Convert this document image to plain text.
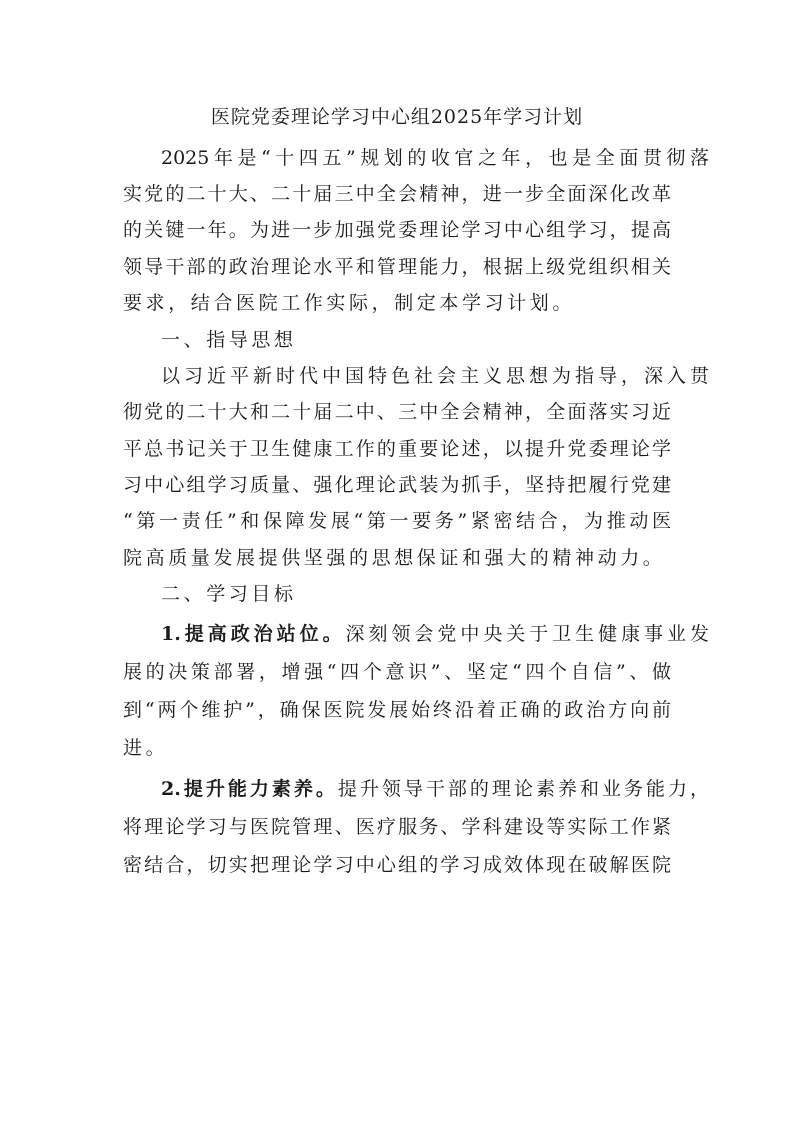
医院党委理论学习中心组2025年学习计划
2025年是“十四五”规划的收官之年，也是全面贯彻落
实党的二十大、二十届三中全会精神，进一步全面深化改革
的关键一年。为进一步加强党委理论学习中心组学习，提高
领导干部的政治理论水平和管理能力，根据上级党组织相关
要求，结合医院工作实际，制定本学习计划。
一、指导思想
以习近平新时代中国特色社会主义思想为指导，深入贯
彻党的二十大和二十届二中、三中全会精神，全面落实习近
平总书记关于卫生健康工作的重要论述，以提升党委理论学
习中心组学习质量、强化理论武装为抓手，坚持把履行党建
“第一责任”和保障发展“第一要务”紧密结合，为推动医
院高质量发展提供坚强的思想保证和强大的精神动力。
二、学习目标
1.提高政治站位。深刻领会党中央关于卫生健康事业发
展的决策部署，增强“四个意识”、坚定“四个自信”、做
到“两个维护”，确保医院发展始终沿着正确的政治方向前
进。
2.提升能力素养。提升领导干部的理论素养和业务能力，
将理论学习与医院管理、医疗服务、学科建设等实际工作紧
密结合，切实把理论学习中心组的学习成效体现在破解医院
